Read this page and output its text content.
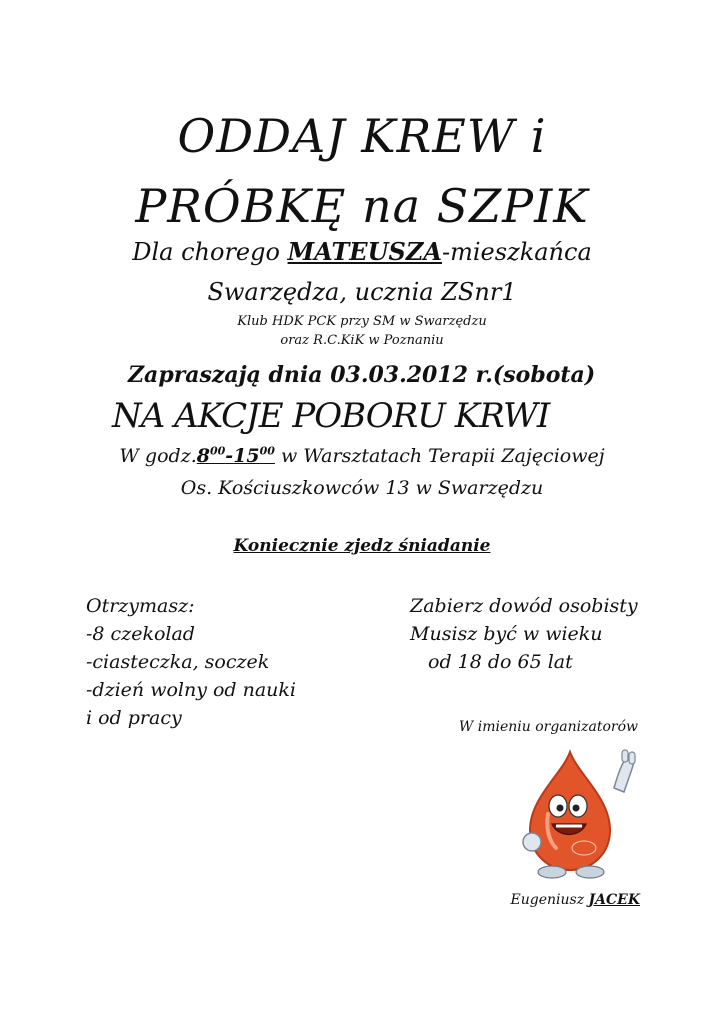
ODDAJ KREW i
PRÓBKĘ na SZPIK
Dla chorego MATEUSZA-mieszkańca
Swarzędza, ucznia ZSnr1
Klub HDK PCK przy SM w Swarzędzu
oraz R.C.KiK w Poznaniu
Zapraszają dnia 03.03.2012 r.(sobota)
NA AKCJE POBORU KRWI
W $godz.8^{00}-15^{00}$ w Warsztatach Terapii Zajęciowej
Os. Kościuszkowców 13 w Swarzędzu
Koniecznie zjedz śniadanie
Otrzymasz:
-8 czekolad
-ciasteczka, soczek
-dzień wolny od nauki
i od pracy
Zabierz dowód osobisty
Musisz być w wieku
od 18 do 65 lat
W imieniu organizatorów
Eugeniusz JACEK
